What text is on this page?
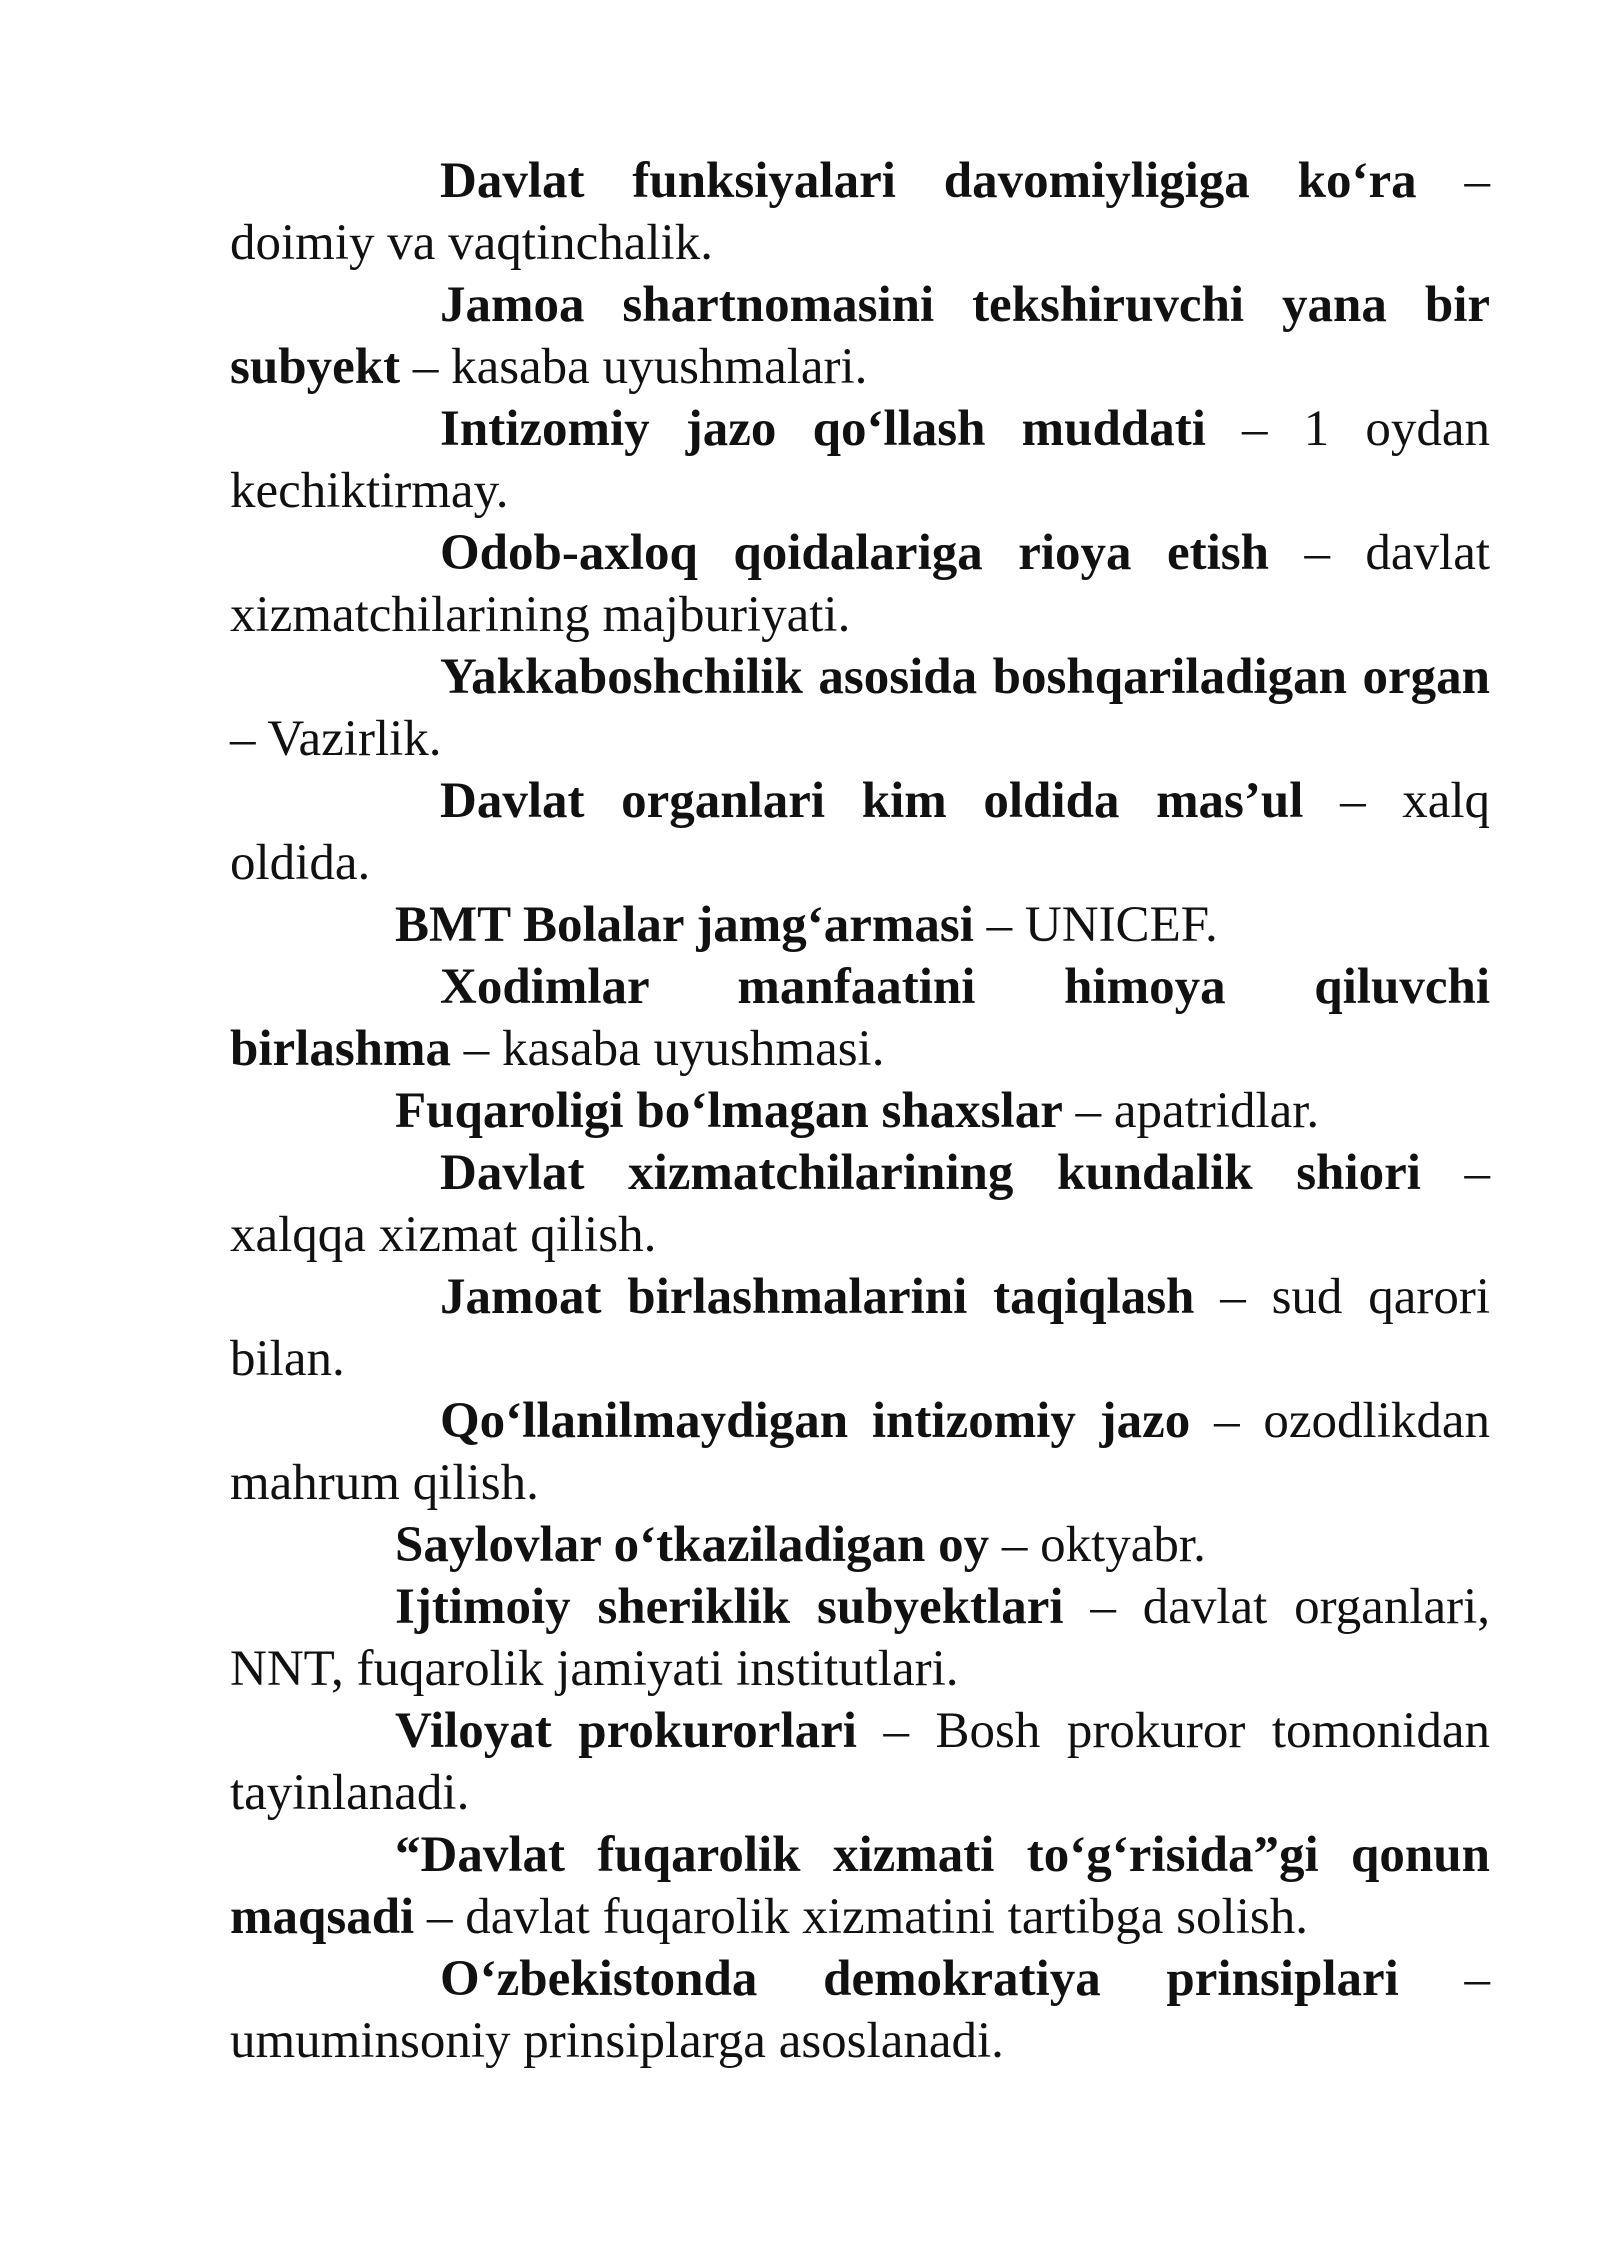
Davlat funksiyalari davomiyligiga ko‘ra – doimiy va vaqtinchalik.

Jamoa shartnomasini tekshiruvchi yana bir subyekt – kasaba uyushmalari.

Intizomiy jazo qo‘llash muddati – 1 oydan kechiktirmay.

Odob-axloq qoidalariga rioya etish – davlat xizmatchilarining majburiyati.

Yakkaboshchilik asosida boshqariladigan organ – Vazirlik.

Davlat organlari kim oldida mas’ul – xalq oldida.

BMT Bolalar jamg‘armasi – UNICEF.

Xodimlar manfaatini himoya qiluvchi birlashma – kasaba uyushmasi.

Fuqaroligi bo‘lmagan shaxslar – apatridlar.

Davlat xizmatchilarining kundalik shiori – xalqqa xizmat qilish.

Jamoat birlashmalarini taqiqlash – sud qarori bilan.

Qo‘llanilmaydigan intizomiy jazo – ozodlikdan mahrum qilish.

Saylovlar o‘tkaziladigan oy – oktyabr.

Ijtimoiy sheriklik subyektlari – davlat organlari, NNT, fuqarolik jamiyati institutlari.

Viloyat prokurorlari – Bosh prokuror tomonidan tayinlanadi.

“Davlat fuqarolik xizmati to‘g‘risida”gi qonun maqsadi – davlat fuqarolik xizmatini tartibga solish.

O‘zbekistonda demokratiya prinsiplari – umuminsoniy prinsiplarga asoslanadi.
